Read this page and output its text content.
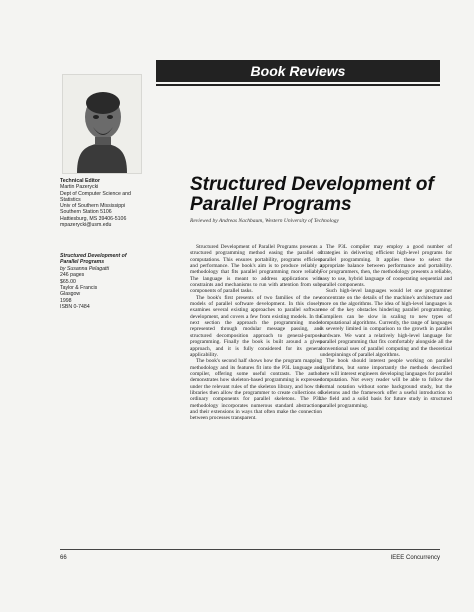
Book Reviews
Technical Editor
Martin Pazerycki
Dept of Computer Science and
Statistics
Univ of Southern Mississippi
Southern Station 5106
Hattiesburg, MS 39406-5106
mpazerycki@usm.edu
Structured Development of Parallel Programs
Reviewed by Andreas Nachbaum, Western University of Technology
Structured Development of
Parallel Programs
by Susanna Pelagatti
246 pages
$65.00
Taylor & Francis
Glasgow
1998
ISBN 0-7484

Structured Development of Parallel Programs presents a structured programming method easing the parallel of computations. This ensures portability, programs efficient and performance. The book's aim is to produce reliably a methodology that fits parallel programming more reliably. The language is meant to address applications with constraints and mechanisms to run with attention from sub-components of parallel tasks.

The book's first presents of two families of the new models of parallel software development. In this closely examines several existing approaches to parallel software development, and covers a few from existing models. In the next section the approach the programming model represented through modular message passing, and structured decomposition approach to general-purpose programming. Finally the book is built around a given approach, and it is fully considered for its general applicability.

The book's second half shows how the program mapping methodology and its features fit into the P3L language and compiler, offering some useful contrasts. The author demonstrates how skeleton-based programming is expressed under the relevant rules of the skeleton library, and how the libraries then allow the programmer to create collections of ordinary components for parallel skeletons. The P3L methodology incorporates numerous standard abstractions and their extensions in ways that often make the connection between processes transparent.

The P3L compiler may employ a good number of strategies in delivering efficient high-level programs for parallel programming. It applies these to select the appropriate balance between performance and portability. For programmers, then, the methodology presents a reliable, easy to use, hybrid language of cooperating sequential and parallel components.

Such high-level languages would let one programmer concentrate on the details of the machine's architecture and more on the algorithms. The idea of high-level languages is one of the key obstacles hindering parallel programming. Compilers can be slow in scaling to new types of computational algorithms. Currently, the range of languages is severely limited in comparison to the growth in parallel hardware. We want a relatively high-level language for parallel programming that fits comfortably alongside all the conventional uses of parallel computing and the theoretical underpinnings of parallel algorithms.

The book should interest people working on parallel algorithms, but some importantly the methods described here will interest engineers developing languages for parallel computation. Not every reader will be able to follow the formal notation without some background study, but the skeletons and the framework offer a useful introduction to the field and a solid basis for future study in structured parallel programming.

66	IEEE Concurrency
